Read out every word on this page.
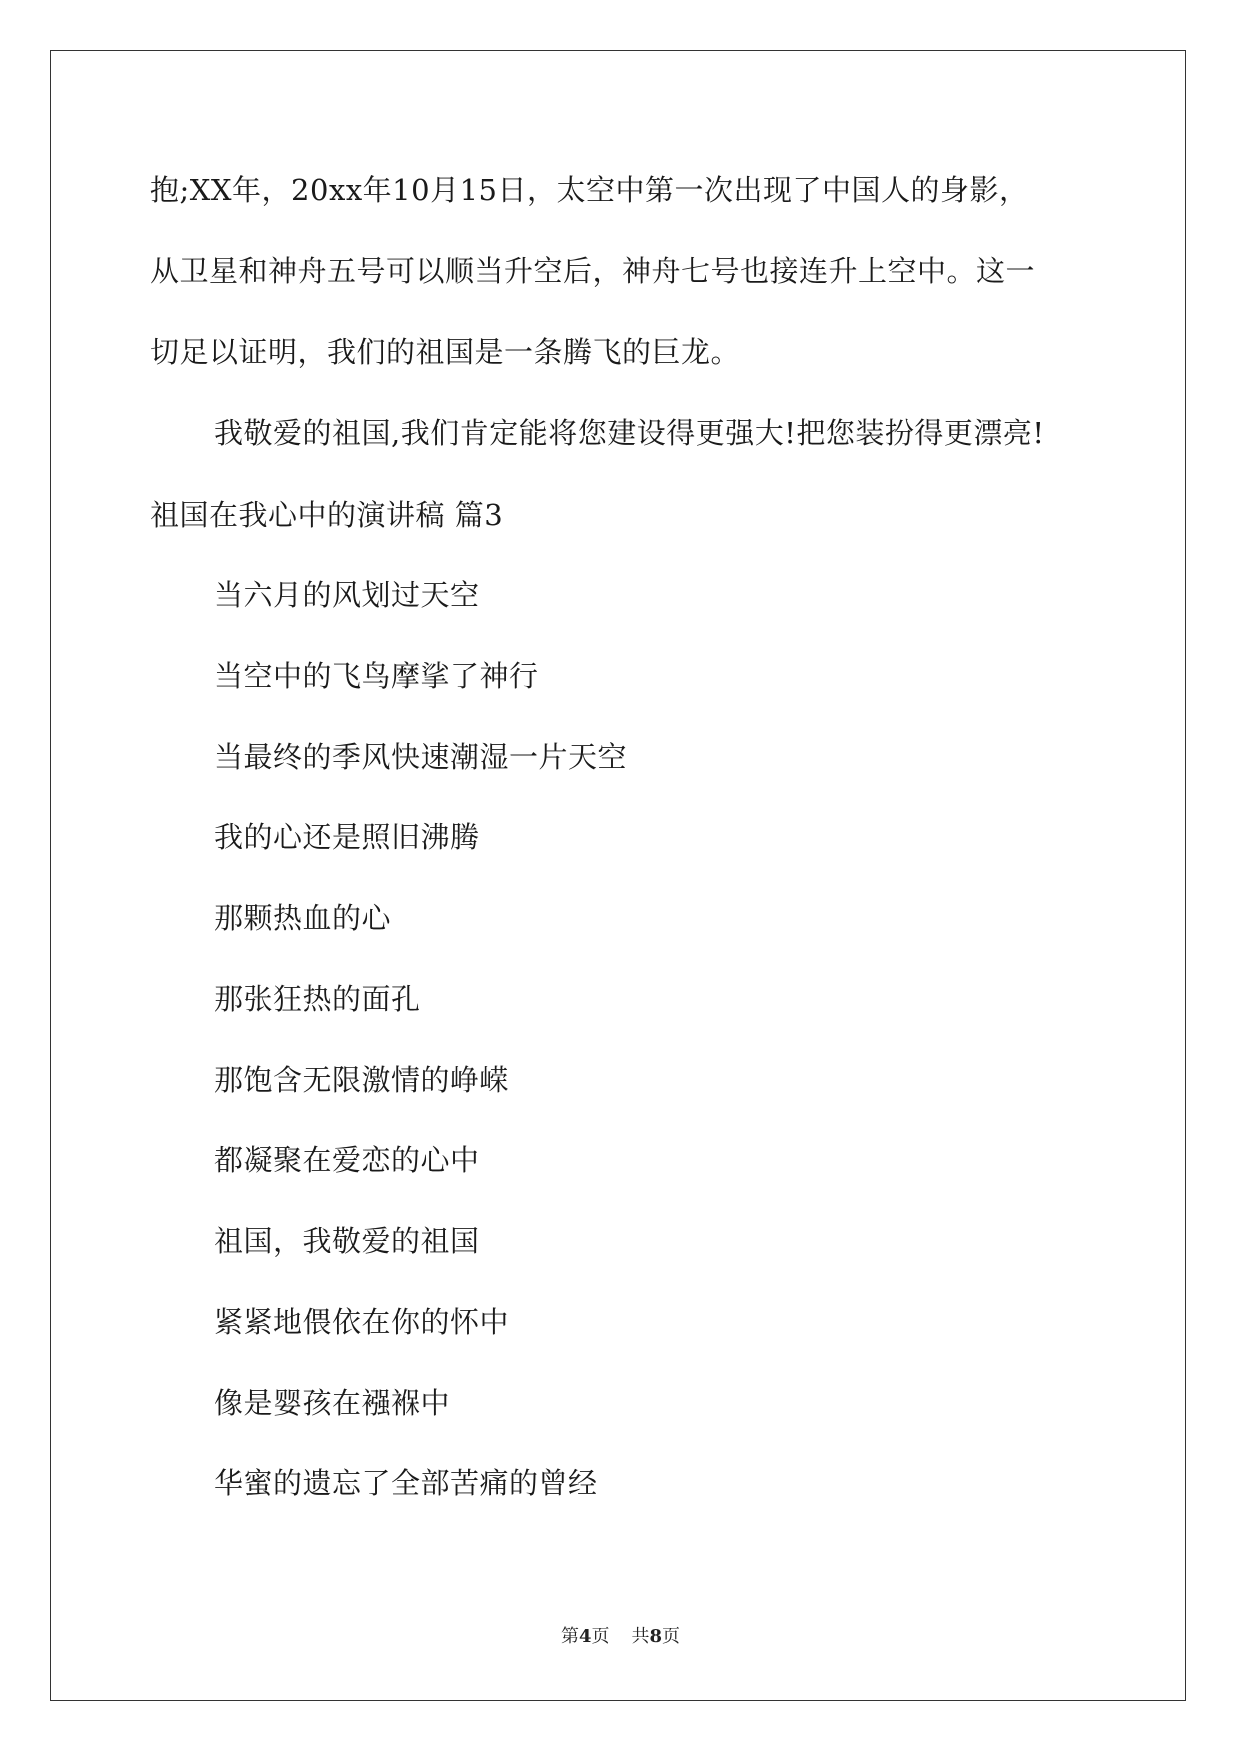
抱;XX年，20xx年10月15日，太空中第一次出现了中国人的身影，
从卫星和神舟五号可以顺当升空后，神舟七号也接连升上空中。这一
切足以证明，我们的祖国是一条腾飞的巨龙。
我敬爱的祖国,我们肯定能将您建设得更强大!把您装扮得更漂亮!
祖国在我心中的演讲稿 篇3
当六月的风划过天空
当空中的飞鸟摩挲了神行
当最终的季风快速潮湿一片天空
我的心还是照旧沸腾
那颗热血的心
那张狂热的面孔
那饱含无限激情的峥嵘
都凝聚在爱恋的心中
祖国，我敬爱的祖国
紧紧地偎依在你的怀中
像是婴孩在襁褓中
华蜜的遗忘了全部苦痛的曾经
第4页 共8页
